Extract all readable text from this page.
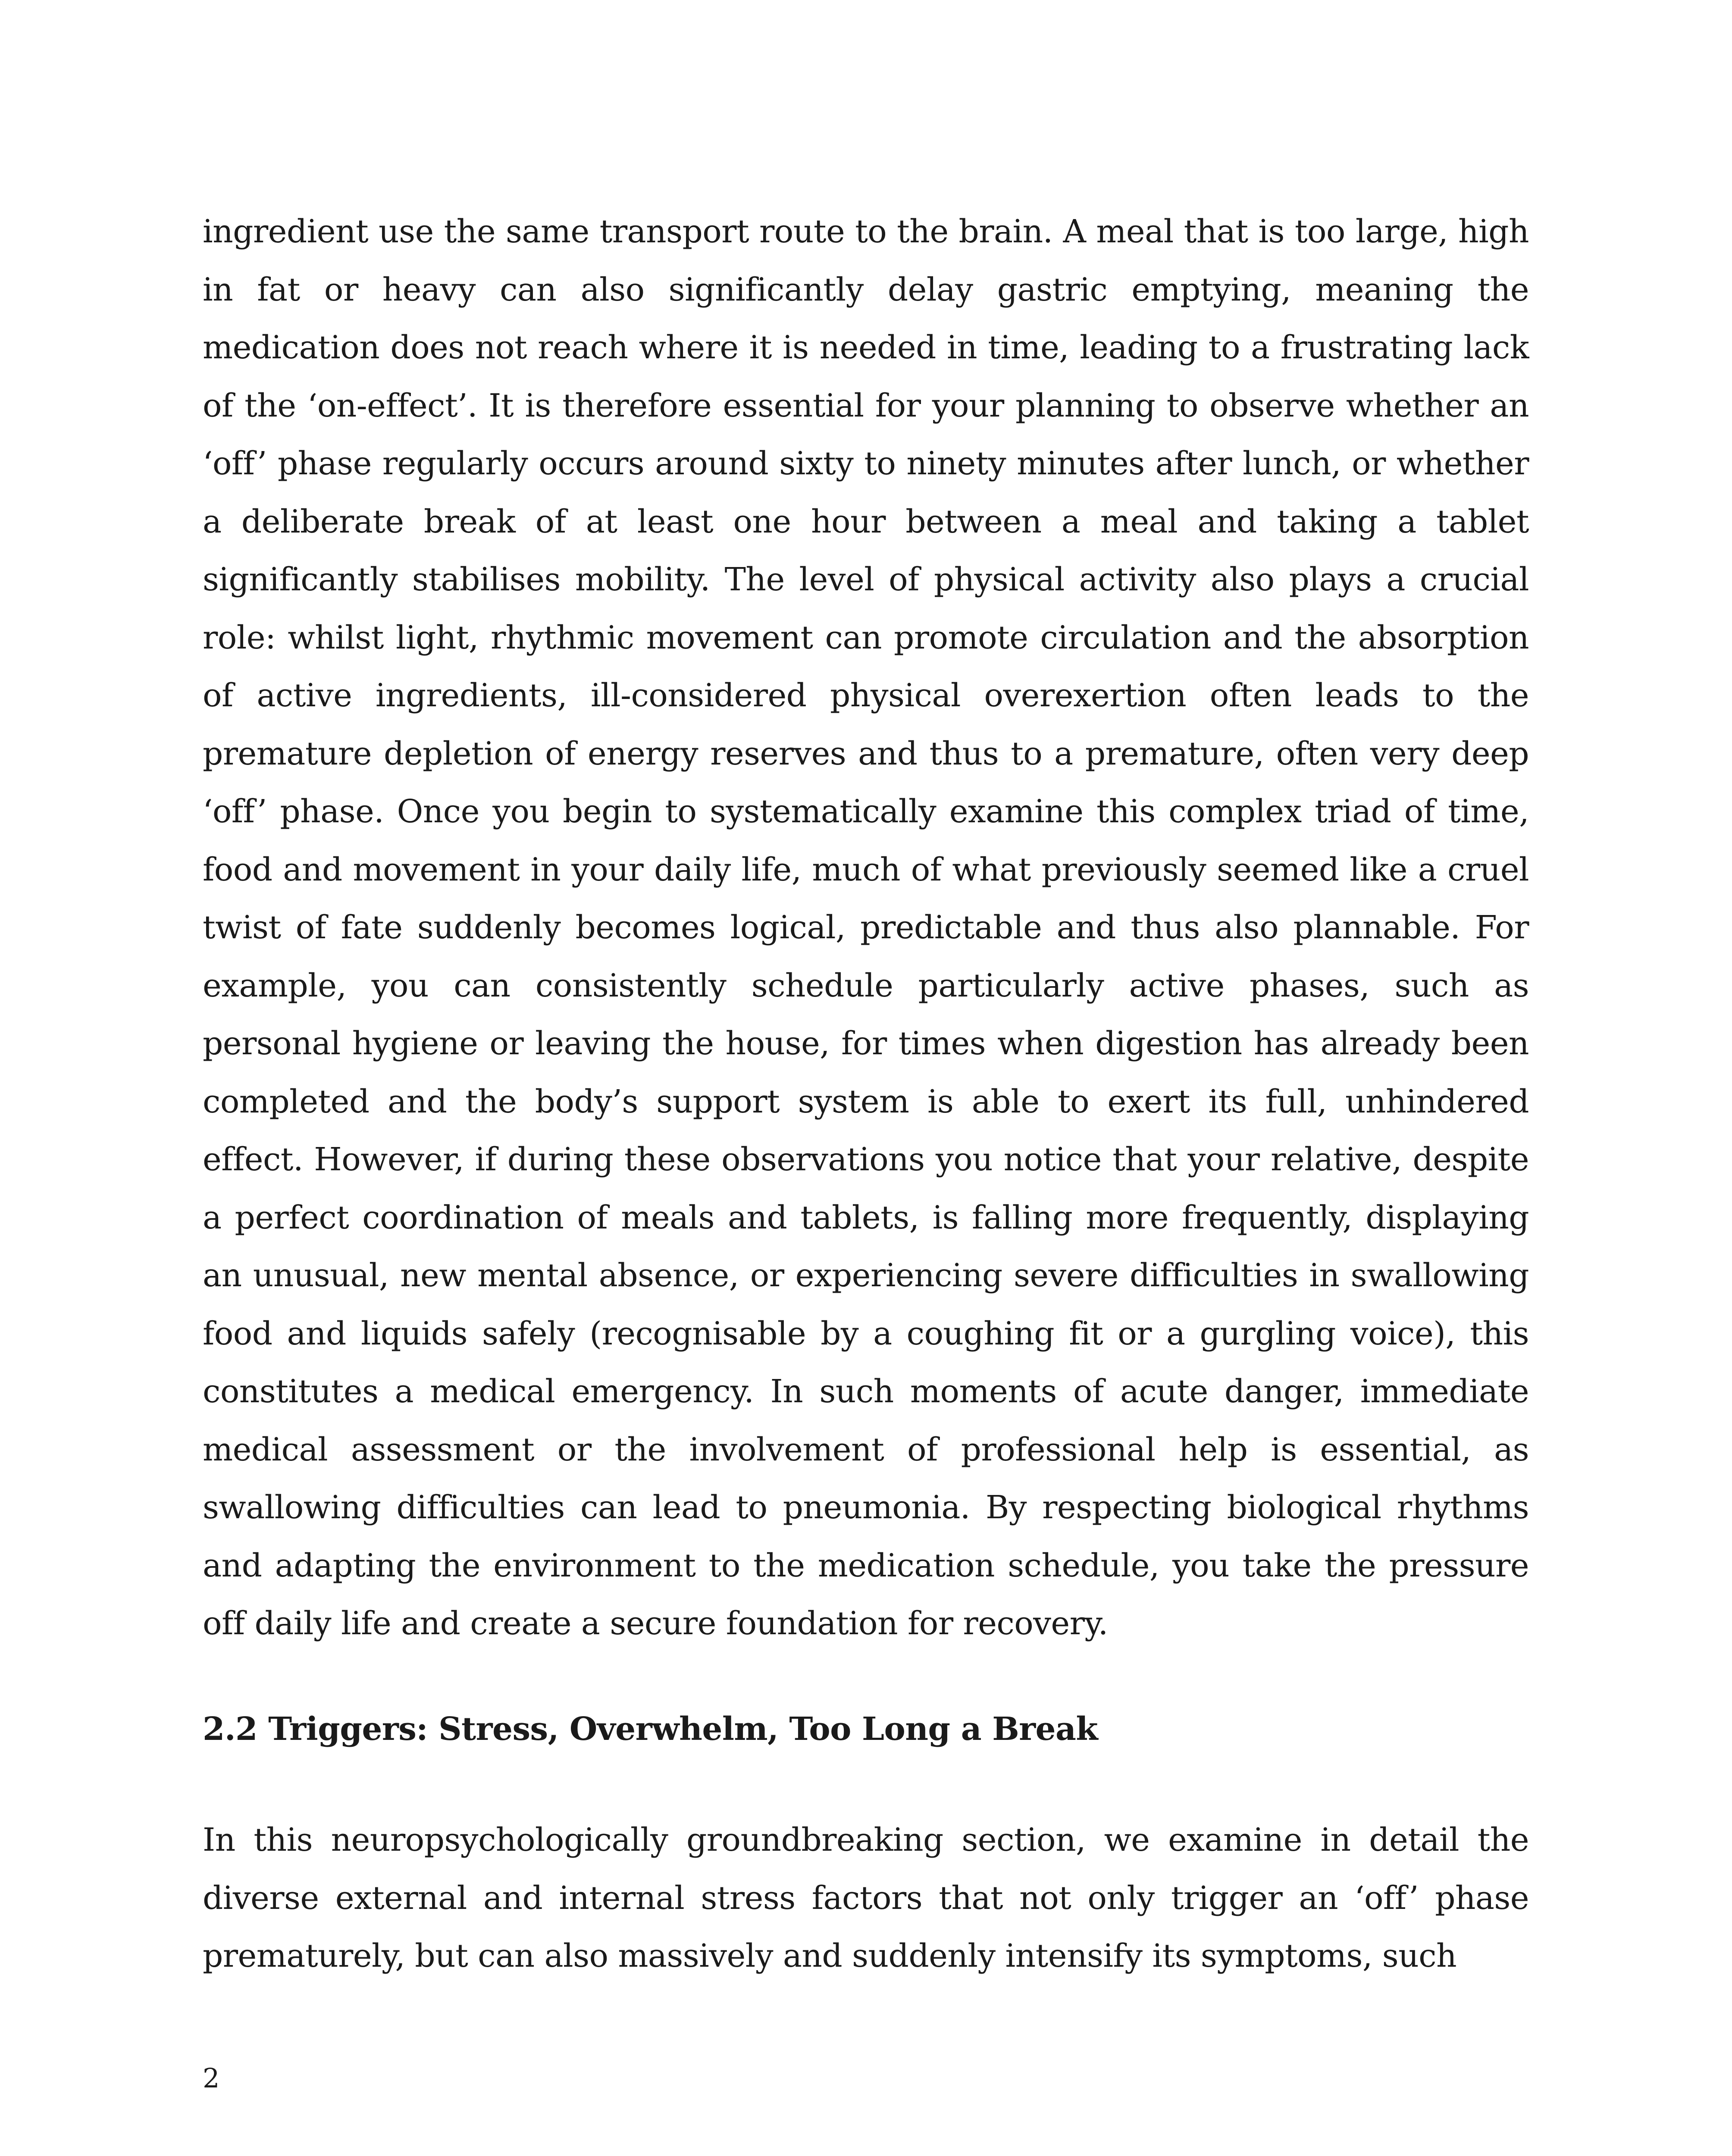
ingredient use the same transport route to the brain. A meal that is too large, high in fat or heavy can also significantly delay gastric emptying, meaning the medication does not reach where it is needed in time, leading to a frustrating lack of the ‘on-effect’. It is therefore essential for your planning to observe whether an ‘off’ phase regularly occurs around sixty to ninety minutes after lunch, or whether a deliberate break of at least one hour between a meal and taking a tablet significantly stabilises mobility. The level of physical activity also plays a crucial role: whilst light, rhythmic movement can promote circulation and the absorption of active ingredients, ill-considered physical overexertion often leads to the premature depletion of energy reserves and thus to a premature, often very deep ‘off’ phase. Once you begin to systematically examine this complex triad of time, food and movement in your daily life, much of what previously seemed like a cruel twist of fate suddenly becomes logical, predictable and thus also plannable. For example, you can consistently schedule particularly active phases, such as personal hygiene or leaving the house, for times when digestion has already been completed and the body’s support system is able to exert its full, unhindered effect. However, if during these observations you notice that your relative, despite a perfect coordination of meals and tablets, is falling more frequently, displaying an unusual, new mental absence, or experiencing severe difficulties in swallowing food and liquids safely (recognisable by a coughing fit or a gurgling voice), this constitutes a medical emergency. In such moments of acute danger, immediate medical assessment or the involvement of professional help is essential, as swallowing difficulties can lead to pneumonia. By respecting biological rhythms and adapting the environment to the medication schedule, you take the pressure off daily life and create a secure foundation for recovery.

2.2 Triggers: Stress, Overwhelm, Too Long a Break

In this neuropsychologically groundbreaking section, we examine in detail the diverse external and internal stress factors that not only trigger an ‘off’ phase prematurely, but can also massively and suddenly intensify its symptoms, such

2
